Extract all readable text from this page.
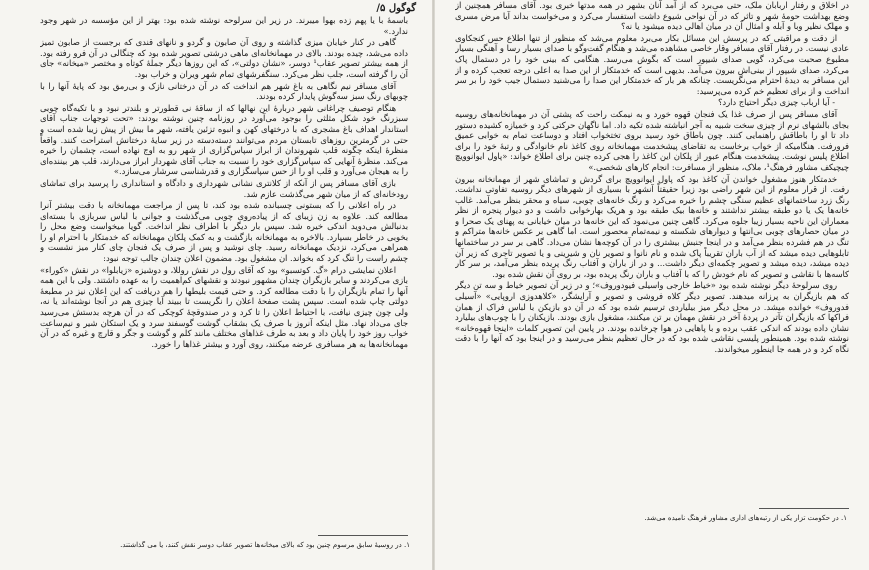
گوگول ۵/

باسمهٔ با یا پهم زده بهوا میبرند. در زیر این سرلوحه نوشته شده بود: بهتر از این مؤسسه در شهر وجود ندارد.»

گاهی در کنار خیابان میزی گذاشته و روی آن صابون و گردو و نانهای قندی که برجست از صابون تمیز داده می‌شد، چیده بودند. بالای در مهمانخانه‌ای ماهی درشتی تصویر شده بود که چنگالی در آن فرو رفته بود. از همه بیشتر تصویر عقاب¹ دوسر، «نشان دولتی»، که این روزها دیگر جملهٔ کوتاه و مختصر «میخانه» جای آن را گرفته است، جلب نظر می‌کرد. سنگفرشهای تمام شهر ویران و خراب بود.

آقای مسافر نیم نگاهی به باغ شهر هم انداخت که در آن درختانی نازک و بی‌رمق بود که پایهٔ آنها را با چوبهای رنگ سبز سه‌گوش پایدار کرده بودند.

هنگام توصیف چراغانی شهر دربارهٔ این نهالها که از ساقهٔ نی قطورتر و بلندتر نبود و با تکیه‌گاه چوبی سبزرنگ خود شکل مثلثی را بوجود می‌آورد در روزنامه چنین نوشته بودند: «تحت توجهات جناب آقای استاندار اهداف باغ مشجری که با درختهای کهن و انبوه تزئین یافته، شهر ما بیش از پیش زیبا شده است و حتی در گرمترین روزهای تابستان مردم می‌توانند دسته‌دسته در زیر سایهٔ درختانش استراحت کنند. واقعاً منظرهٔ اینکه چگونه قلب شهروندان از ابراز سپاس‌گزاری از شهر رو به اوج نهاده است، چشمان را خیره می‌کند. منظرهٔ آنهایی که سپاس‌گزاری خود را نسبت به جناب آقای شهردار ابراز می‌دارند، قلب هر بیننده‌ای را به هیجان می‌آورد و قلب او را از حس سپاسگزاری و قدرشناسی سرشار می‌سازد.»

بازی آقای مسافر پس از آنکه از کلانتری نشانی شهرداری و دادگاه و استانداری را پرسید برای تماشای رودخانه‌ای که از میان شهر می‌گذشت عازم شد.

در راه اعلانی را که بستونی چسبانده شده بود کند، تا پس از مراجعت مهمانخانه با دقت بیشتر آنرا مطالعه کند. علاوه به زن زیبای که از پیاده‌روی چوبی می‌گذشت و جوانی با لباس سربازی با بسته‌ای بدنبالش می‌دوید اندکی خیره شد. سپس بار دیگر با اطراف نظر انداخت. گویا میخواست وضع محل را بخوبی در خاطر بسپارد. بالاخره به مهمانخانه بازگشت و به کمک پلکان مهمانخانه که خدمتکار با احترام او را همراهی می‌کرد، نزدیک مهمانخانه رسید. چای نوشید و پس از صرف یک فنجان چای کنار میز نشست و چشم راست را تنگ کرد که بخواند. ان مشغول بود. مضمون اعلان چندان جالب توجه نبود:

اعلان نمایشی درام «گ. کوتسبو» بود که آقای رول در نقش روللا، و دوشیزه «زیابلوا» در نقش «کوراء» بازی می‌کردند و سایر بازیگران چندان مشهور نبودند و نقشهای کم‌اهمیت را به عهده داشتند. ولی با این همه آنها را تمام بازیگران را با دقت مطالعه کرد. و حتی قیمت بلیطها را هم دریافت که این اعلان نیز در مطبعهٔ دولتی چاپ شده است. سپس پشت صفحهٔ اعلان را نگریست تا ببیند آیا چیزی هم در آنجا نوشته‌اند یا نه، ولی چون چیزی نیافت، با احتیاط اعلان را تا کرد و در صندوقچهٔ کوچکی که در آن هرچه بدستش می‌رسید جای می‌داد نهاد. مثل اینکه آنروز با صرف یک بشقاب گوشت گوسفند سرد و یک استکان شیر و نیم‌ساعت خواب روز خود را پایان داد و بعد به طرف غذاهای مختلف مانند کلم و گوشت و جگر و قارچ و غیره که در آن مهمانخانه‌ها به هر مسافری عرضه میکنند، روی آورد و بیشتر غذاها را خورد.

۱. در روسیهٔ سابق مرسوم چنین بود که بالای میخانه‌ها تصویر عقاب دوسر نقش کنند، یا می گذاشتند.

در اخلاق و رفتار اربابان ملک، حتی می‌برد که از آمد آنان بشهر در همه مدتها خبری بود. آقای مسافر همچنین از وضع بهداشت حومهٔ شهر و تاثر که در آن نواحی شیوع داشت استفسار می‌کرد و می‌خواست بداند آیا مرض مسری و مهلک نظیر وبا و آبله و امثال آن در میان اهالی دیده میشود یا نه؟

از دقت و مراقبتی که در پرسش این مسائل بکار می‌برد معلوم می‌شد که منظور از تنها اطلاع حس کنجکاوی عادی نیست. در رفتار آقای مسافر وقار خاصی مشاهده می‌شد و هنگام گفت‌وگو با صدای بسیار رسا و آهنگی بسیار مطبوع صحبت می‌کرد، گویی صدای شیپور است که بگوش می‌رسد. هنگامی که بینی خود را در دستمال پاک می‌کرد، صدای شیپور از بینی‌اش بیرون می‌آمد. بدیهی است که خدمتکار از این صدا به اعلی درجه تعجب کرده و از این مسافر به دیدهٔ احترام می‌نگریست. چنانکه هر بار که خدمتکار این صدا را می‌شنید دستمال جیب خود را بر سر انداخت و از برای تعظیم خم کرده می‌پرسید:

- آیا ارباب چیزی دیگر احتیاج دارد؟

آقای مسافر پس از صرف غذا یک فنجان قهوه خورد و به نیمکت راحت که پشتی آن در مهمانخانه‌های روسیه بجای بالشهای نرم از چیزی سخت شبیه به آجر انباشته شده تکیه داد. اما ناگهان حرکتی کرد و خمیازه کشیده دستور داد تا او را باطاقش راهنمایی کنند. چون باطاق خود رسید بروی تختخواب افتاد و دوساعت تمام به خوابی عمیق فرورفت. هنگامیکه از خواب برخاست به تقاضای پیشخدمت مهمانخانه روی کاغذ نام خانوادگی و رتبهٔ خود را برای اطلاع پلیس نوشت. پیشخدمت هنگام عبور از پلکان این کاغذ را هجی کرده چنین برای اطلاع خواند: «پاول ایوانوویچ چیچیکف مشاور فرهنگ¹، ملاک، منظور از مسافرت: انجام کارهای شخصی.»

خدمتکار هنوز مشغول خواندن آن کاغذ بود که پاول ایوانوویچ برای گردش و تماشای شهر از مهمانخانه بیرون رفت. از قرار معلوم از این شهر راضی بود زیرا حقیقتاً آنشهر با بسیاری از شهرهای دیگر روسیه تفاوتی نداشت. رنگ زرد ساختمانهای عظیم سنگی چشم را خیره می‌کرد و رنگ خانه‌های چوبی، سیاه و محقر بنظر می‌آمد. غالب خانه‌ها یک یا دو طبقه بیشتر نداشتند و خانه‌ها بیک طبقه بود و هریک بهارخوابی داشت و دو دیوار پنجره از نظر معماران این ناحیه بسیار زیبا جلوه می‌کرد. گاهی چنین می‌نمود که این خانه‌ها در میان خیابانی به پهنای یک صحرا و در میان حصارهای چوبی بی‌انتها و دیوارهای شکسته و نیمه‌تمام محصور است. اما گاهی بر عکس خانه‌ها متراکم و تنگ در هم فشرده بنظر می‌آمد و در اینجا جنبش بیشتری را در آن کوچه‌ها نشان می‌داد. گاهی بر سر در ساختمانها تابلوهایی دیده میشد که از آب باران تقریباً پاک شده و نام نانوا و تصویر نان و شیرینی و یا تصویر تاجری که زیر آن دیده میشد، دیده میشد و تصویر چکمه‌ای دیگر داشت... و در از باران و آفتاب رنگ پریده بنظر می‌آمد، بر سر کار کاسه‌ها با نقاشی و تصویر که نام خودش را که با آفتاب و باران رنگ پریده بود، بر روی آن نقش شده بود.

روی سرلوحهٔ دیگر نوشته شده بود «خیاط خارجی واسیلی فیودوروف»؛ و در زیر آن تصویر خیاط و سه تن دیگر که هم بازیگران به پرزانه میدهند. تصویر دیگر کلاه فروشی و تصویر و آرایشگر، «کلاهدوزی اروپایی» «آسیلی فدوروف» خوانده میشد. در محل دیگر میز بیلیاردی ترسیم شده بود که در آن دو بازیکن با لباس فراک از همان فراکها که بازیگران تآتر در پردهٔ آخر در نقش مهمان بر تن میکنند، مشغول بازی بودند. بازیکنان را با چوب‌های بیلیارد نشان داده بودند که اندکی عقب برده و با پاهایی در هوا چرخانده بودند. در پایین این تصویر کلمات «اینجا قهوه‌خانه» نوشته شده بود. همینطور پلیسی نقاشی شده بود که در حال تعظیم بنظر می‌رسید و در اینجا بود که آنها را با دقت نگاه کرد و در همه جا اینطور میخواندند.

۱. در حکومت تزار یکی از رتبه‌های اداری مشاور فرهنگ نامیده می‌شد.
